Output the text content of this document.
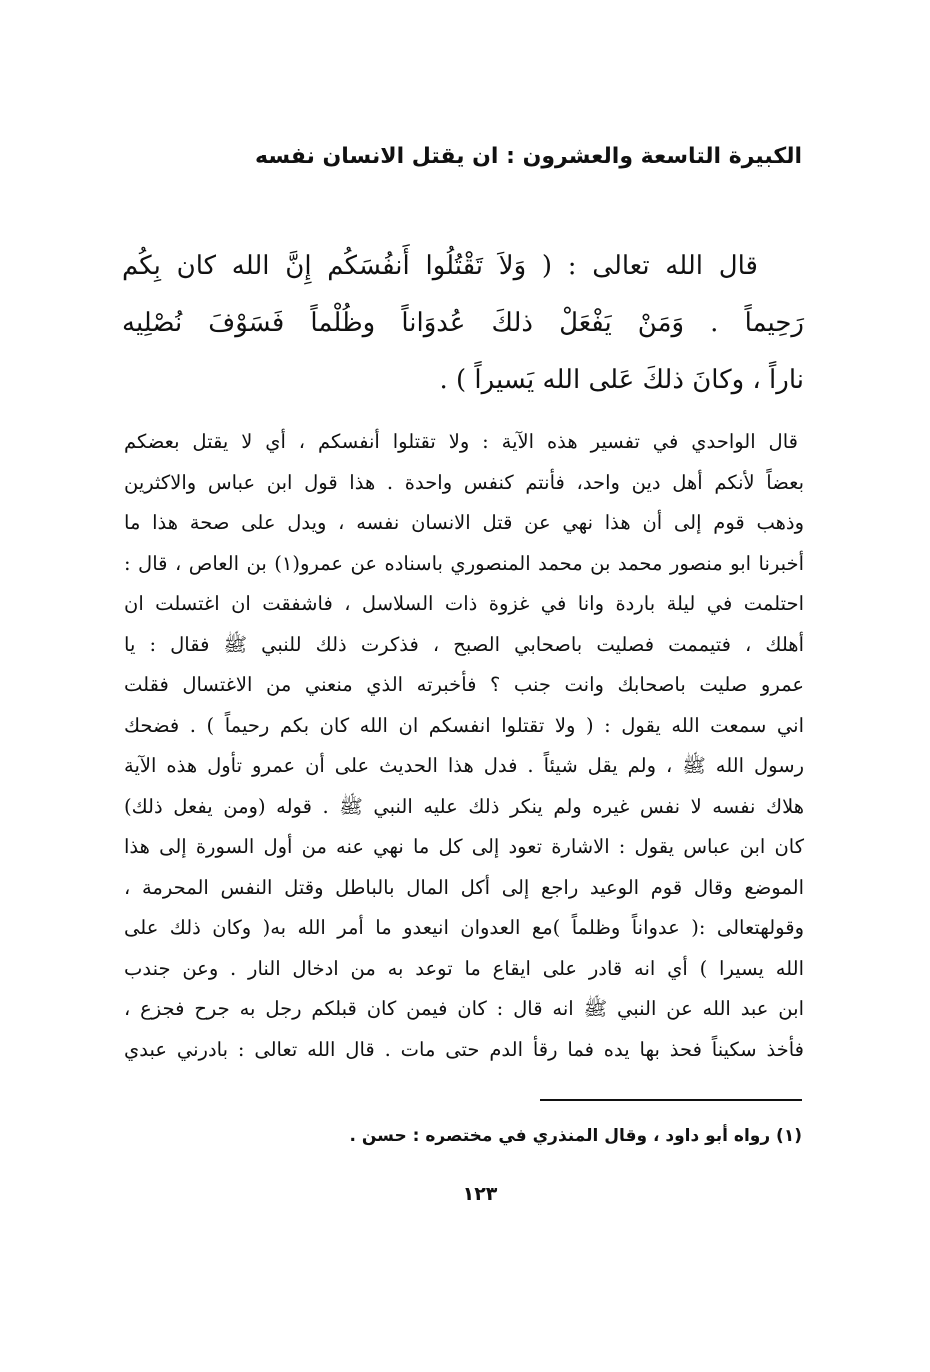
الكبيرة التاسعة والعشرون : ان يقتل الانسان نفسه
قال الله تعالى : ( وَلاَ تَقْتُلُوا أَنفُسَكُم إِنَّ الله كان بِكُم
رَحِيماً . وَمَنْ يَفْعَلْ ذلكَ عُدوَاناً وظُلْماً فَسَوْفَ نُصْلِيه
ناراً ، وكانَ ذلكَ عَلى الله يَسيراً ) .
قال الواحدي في تفسير هذه الآية : ولا تقتلوا أنفسكم ، أي لا يقتل بعضكم
بعضاً لأنكم أهل دين واحد، فأنتم كنفس واحدة . هذا قول ابن عباس والاكثرين
وذهب قوم إلى أن هذا نهي عن قتل الانسان نفسه ، ويدل على صحة هذا ما
أخبرنا ابو منصور محمد بن محمد المنصوري باسناده عن عمرو(١) بن العاص ، قال :
احتلمت في ليلة باردة وانا في غزوة ذات السلاسل ، فاشفقت ان اغتسلت ان
أهلك ، فتيممت فصليت باصحابي الصبح ، فذكرت ذلك للنبي ﷺ فقال : يا
عمرو صليت باصحابك وانت جنب ؟ فأخبرته الذي منعني من الاغتسال فقلت
اني سمعت الله يقول : ( ولا تقتلوا انفسكم ان الله كان بكم رحيماً ) . فضحك
رسول الله ﷺ ، ولم يقل شيئاً . فدل هذا الحديث على أن عمرو تأول هذه الآية
هلاك نفسه لا نفس غيره ولم ينكر ذلك عليه النبي ﷺ . قوله (ومن يفعل ذلك)
كان ابن عباس يقول : الاشارة تعود إلى كل ما نهي عنه من أول السورة إلى هذا
الموضع وقال قوم الوعيد راجع إلى أكل المال بالباطل وقتل النفس المحرمة ،
وقولهتعالى :( عدواناً وظلماً )مع العدوان انيعدو ما أمر الله به( وكان ذلك على
الله يسيرا ) أي انه قادر على ايقاع ما توعد به من ادخال النار . وعن جندب
ابن عبد الله عن النبي ﷺ انه قال : كان فيمن كان قبلكم رجل به جرح فجزع ،
فأخذ سكيناً فحذ بها يده فما رقأ الدم حتى مات . قال الله تعالى : بادرني عبدي
(١) رواه أبو داود ، وقال المنذري في مختصره : حسن .
١٢٣
